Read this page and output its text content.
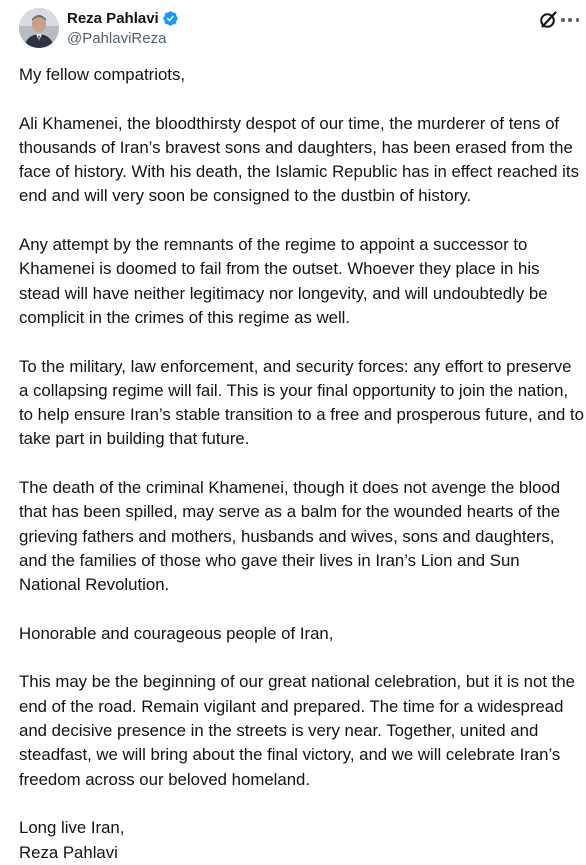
Reza Pahlavi
@PahlaviReza

My fellow compatriots,

Ali Khamenei, the bloodthirsty despot of our time, the murderer of tens of thousands of Iran’s bravest sons and daughters, has been erased from the face of history. With his death, the Islamic Republic has in effect reached its end and will very soon be consigned to the dustbin of history.

Any attempt by the remnants of the regime to appoint a successor to Khamenei is doomed to fail from the outset. Whoever they place in his stead will have neither legitimacy nor longevity, and will undoubtedly be complicit in the crimes of this regime as well.

To the military, law enforcement, and security forces: any effort to preserve a collapsing regime will fail. This is your final opportunity to join the nation, to help ensure Iran’s stable transition to a free and prosperous future, and to take part in building that future.

The death of the criminal Khamenei, though it does not avenge the blood that has been spilled, may serve as a balm for the wounded hearts of the grieving fathers and mothers, husbands and wives, sons and daughters, and the families of those who gave their lives in Iran’s Lion and Sun National Revolution.

Honorable and courageous people of Iran,

This may be the beginning of our great national celebration, but it is not the end of the road. Remain vigilant and prepared. The time for a widespread and decisive presence in the streets is very near. Together, united and steadfast, we will bring about the final victory, and we will celebrate Iran’s freedom across our beloved homeland.

Long live Iran,

Reza Pahlavi
